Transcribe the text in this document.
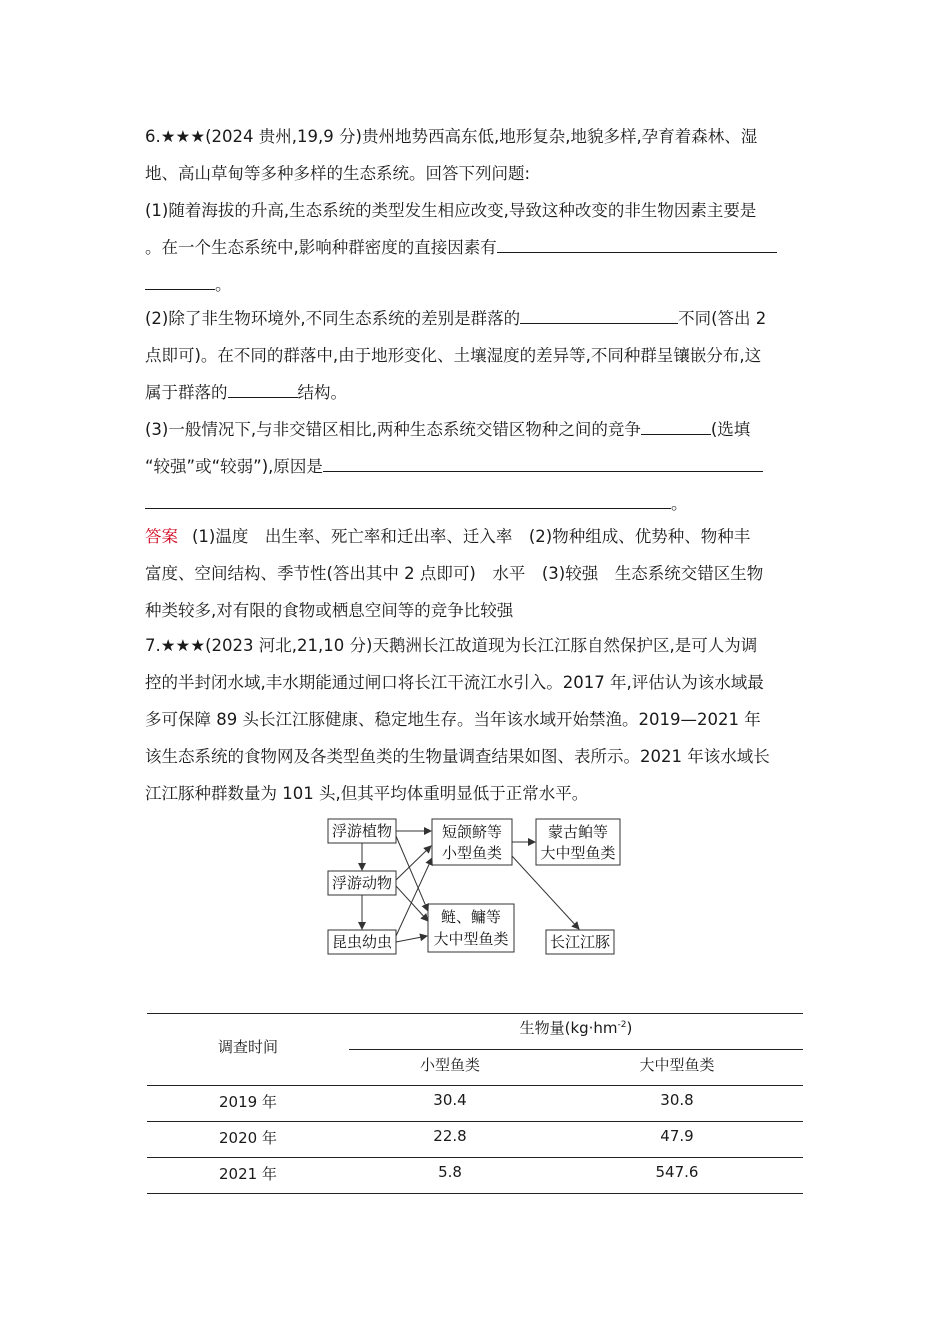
6.★★★(2024 贵州,19,9 分)贵州地势西高东低,地形复杂,地貌多样,孕育着森林、湿
地、高山草甸等多种多样的生态系统。回答下列问题:
(1)随着海拔的升高,生态系统的类型发生相应改变,导致这种改变的非生物因素主要是
。在一个生态系统中,影响种群密度的直接因素有
。
(2)除了非生物环境外,不同生态系统的差别是群落的	不同(答出 2
点即可)。在不同的群落中,由于地形变化、土壤湿度的差异等,不同种群呈镶嵌分布,这
属于群落的	结构。
(3)一般情况下,与非交错区相比,两种生态系统交错区物种之间的竞争	(选填
“较强”或“较弱”),原因是
。
答案 (1)温度　出生率、死亡率和迁出率、迁入率　(2)物种组成、优势种、物种丰
富度、空间结构、季节性(答出其中 2 点即可)　水平　(3)较强　生态系统交错区生物
种类较多,对有限的食物或栖息空间等的竞争比较强
7.★★★(2023 河北,21,10 分)天鹅洲长江故道现为长江江豚自然保护区,是可人为调
控的半封闭水域,丰水期能通过闸口将长江干流江水引入。2017 年,评估认为该水域最
多可保障 89 头长江江豚健康、稳定地生存。当年该水域开始禁渔。2019—2021 年
该生态系统的食物网及各类型鱼类的生物量调查结果如图、表所示。2021 年该水域长
江江豚种群数量为 101 头,但其平均体重明显低于正常水平。
浮游植物
浮游动物
昆虫幼虫
短颌鲚等
小型鱼类
鲢、鳙等
大中型鱼类
蒙古鲌等
大中型鱼类
长江江豚
调查时间
生物量$(kg\cdot hm^{-2})$
小型鱼类	大中型鱼类
2019 年	30.4	30.8
2020 年	22.8	47.9
2021 年	5.8	547.6
